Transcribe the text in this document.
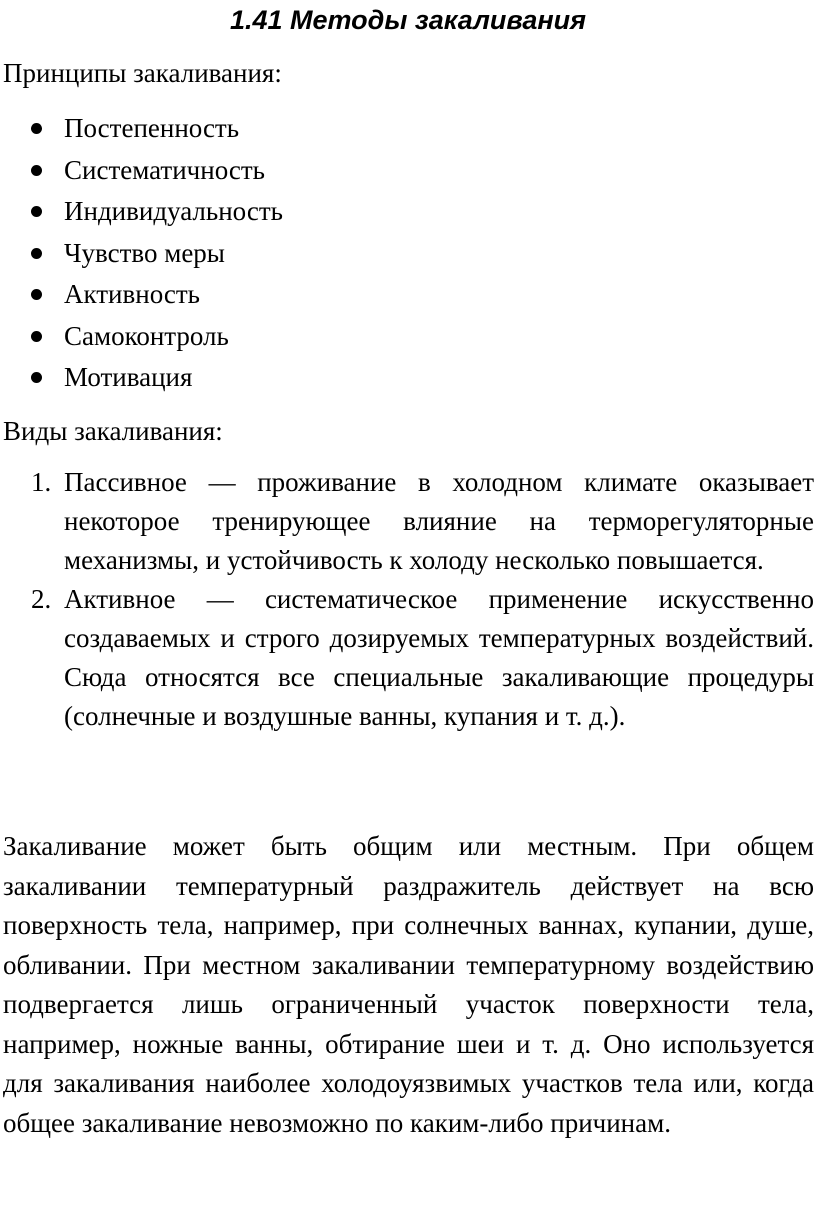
1.41 Методы закаливания

Принципы закаливания:

Постепенность
Систематичность
Индивидуальность
Чувство меры
Активность
Самоконтроль
Мотивация

Виды закаливания:

1. Пассивное — проживание в холодном климате оказывает некоторое тренирующее влияние на терморегуляторные механизмы, и устойчивость к холоду несколько повышается.

2. Активное — систематическое применение искусственно создаваемых и строго дозируемых температурных воздействий. Сюда относятся все специальные закаливающие процедуры (солнечные и воздушные ванны, купания и т. д.).

Закаливание может быть общим или местным. При общем закаливании температурный раздражитель действует на всю поверхность тела, например, при солнечных ваннах, купании, душе, обливании. При местном закаливании температурному воздействию подвергается лишь ограниченный участок поверхности тела, например, ножные ванны, обтирание шеи и т. д. Оно используется для закаливания наиболее холодоуязвимых участков тела или, когда общее закаливание невозможно по каким-либо причинам.
